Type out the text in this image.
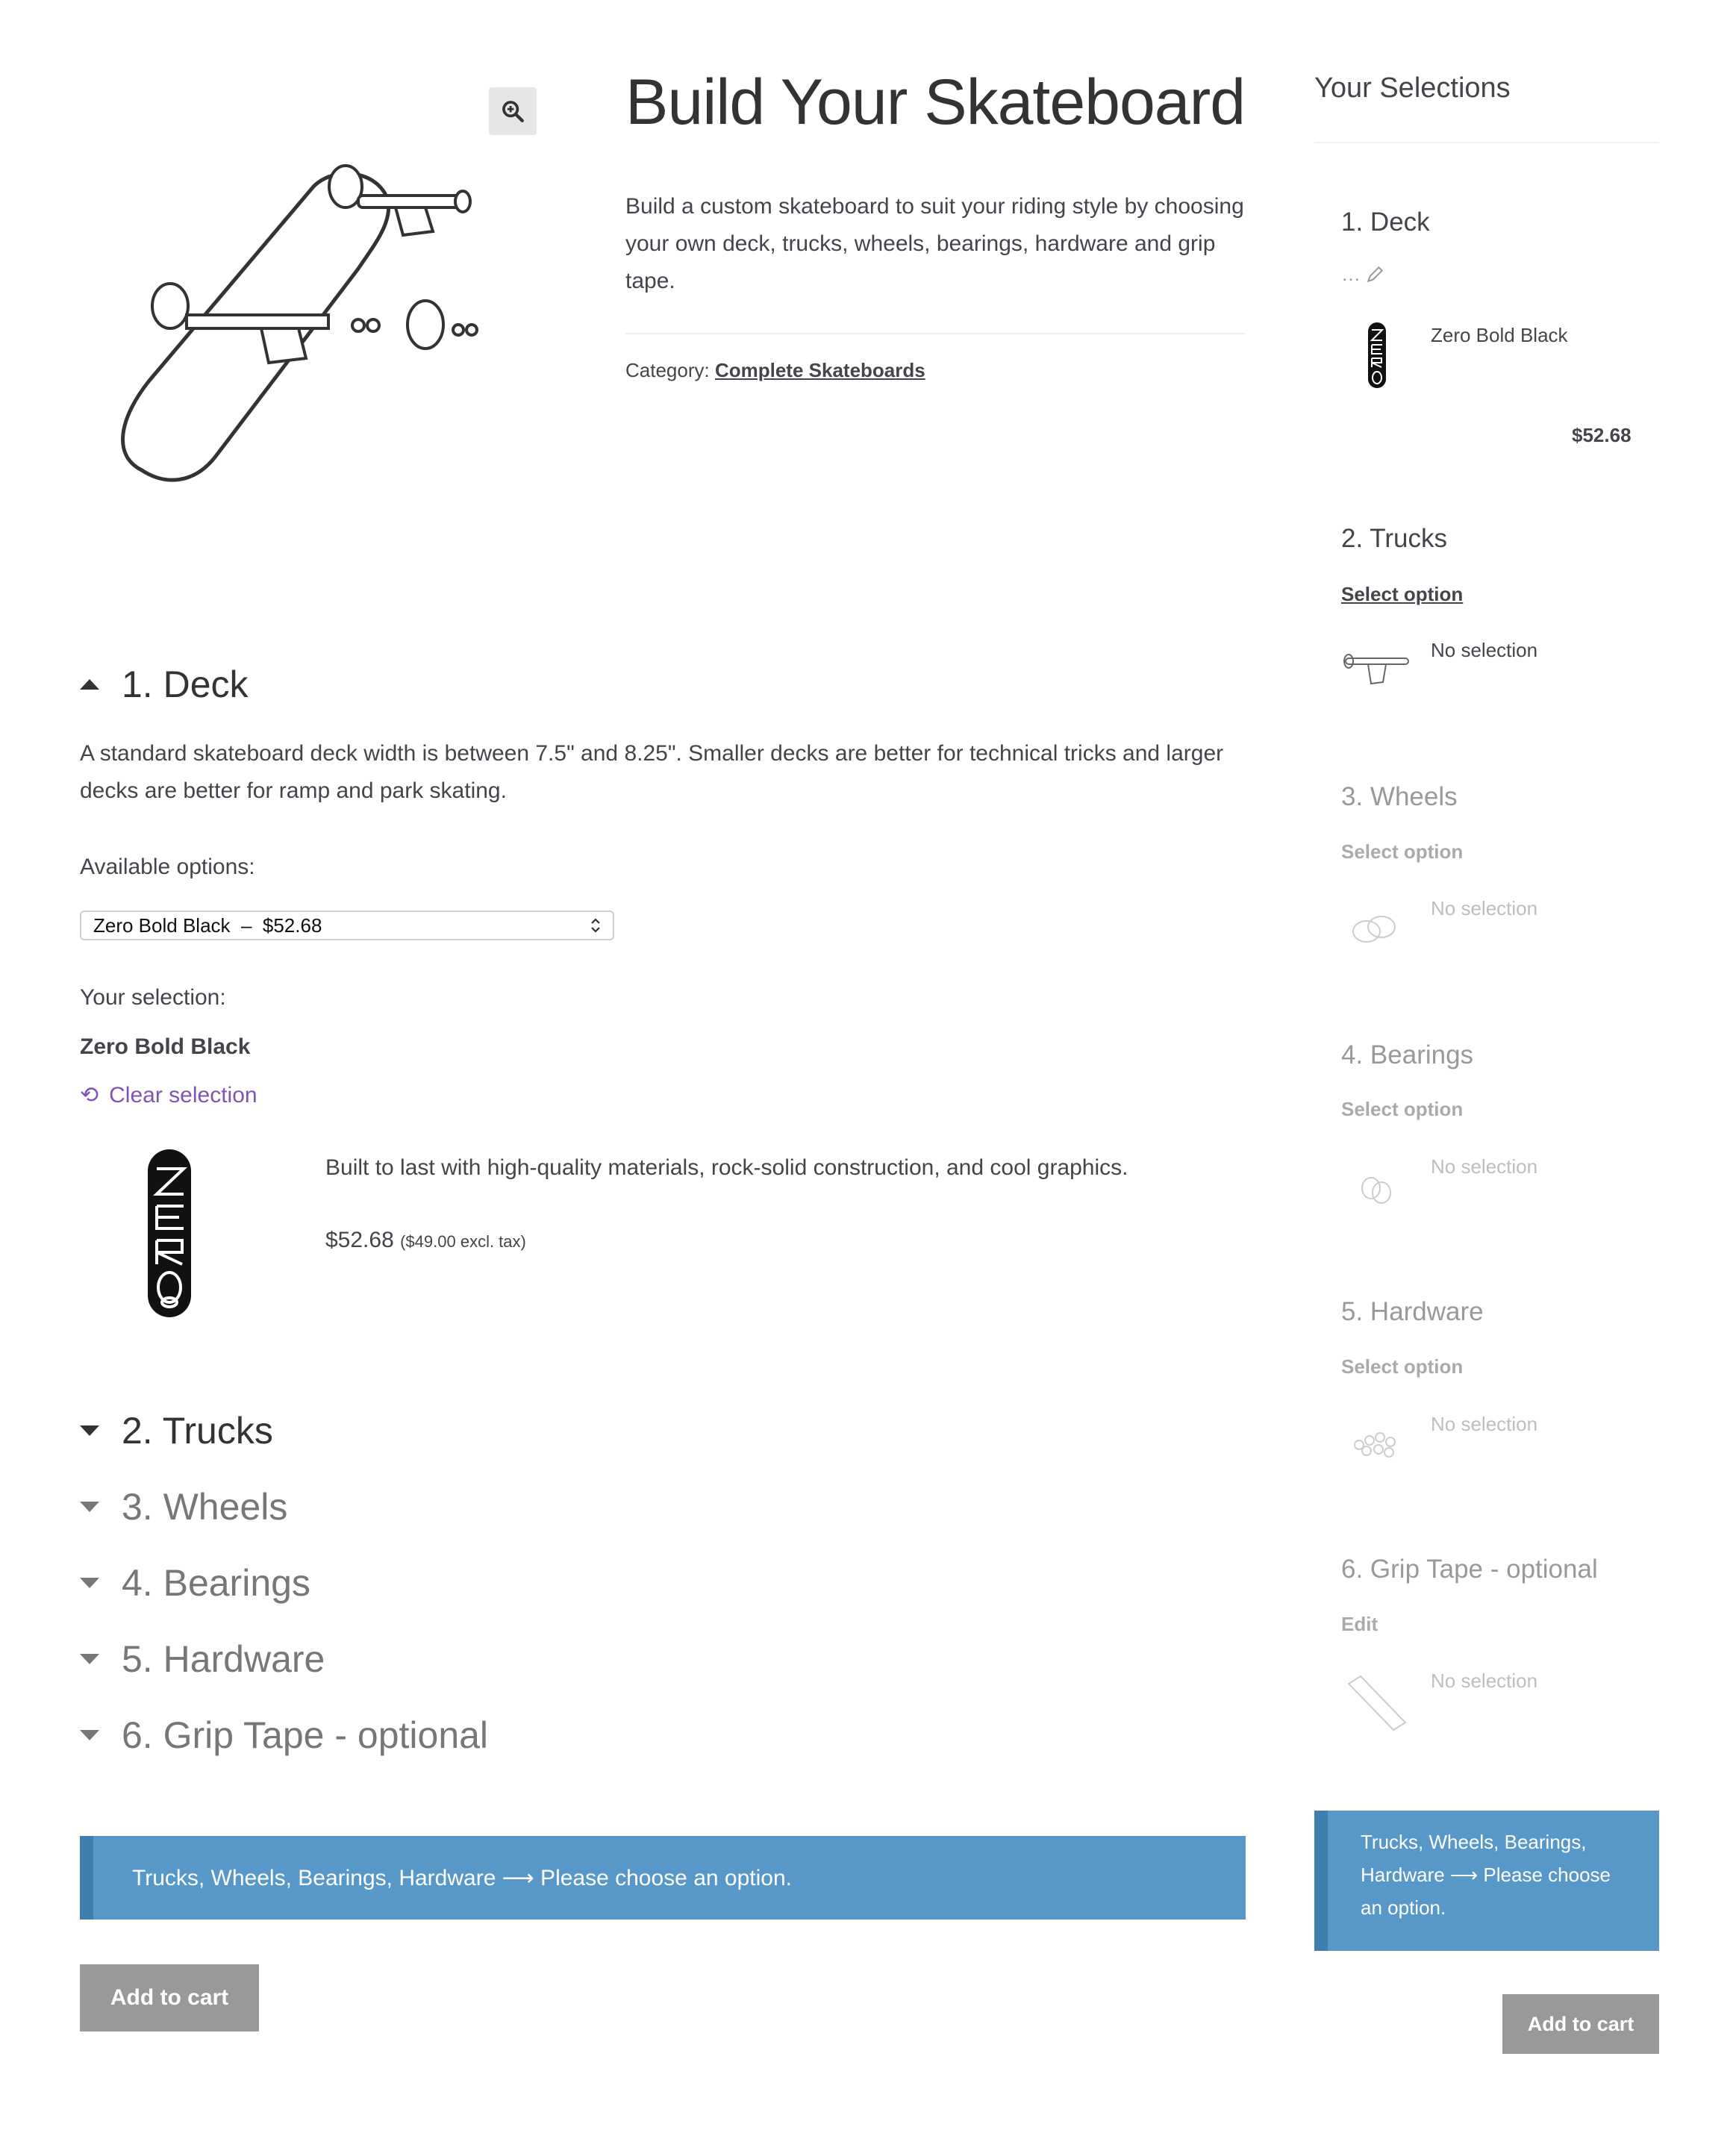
Build Your Skateboard
Build a custom skateboard to suit your riding style by choosing your own deck, trucks, wheels, bearings, hardware and grip tape.
Category: Complete Skateboards
1. Deck
A standard skateboard deck width is between 7.5" and 8.25". Smaller decks are better for technical tricks and larger decks are better for ramp and park skating.
Available options:
Zero Bold Black  –  $52.68
Your selection:
Zero Bold Black
⟲ Clear selection
Built to last with high-quality materials, rock-solid construction, and cool graphics.
$52.68 ($49.00 excl. tax)
2. Trucks
3. Wheels
4. Bearings
5. Hardware
6. Grip Tape - optional
Trucks, Wheels, Bearings, Hardware ⟶ Please choose an option.
Add to cart
Your Selections
1. Deck
…
Zero Bold Black
$52.68
2. Trucks
Select option
No selection
3. Wheels
Select option
No selection
4. Bearings
Select option
No selection
5. Hardware
Select option
No selection
6. Grip Tape - optional
Edit
No selection
Trucks, Wheels, Bearings, Hardware ⟶ Please choose an option.
Add to cart
